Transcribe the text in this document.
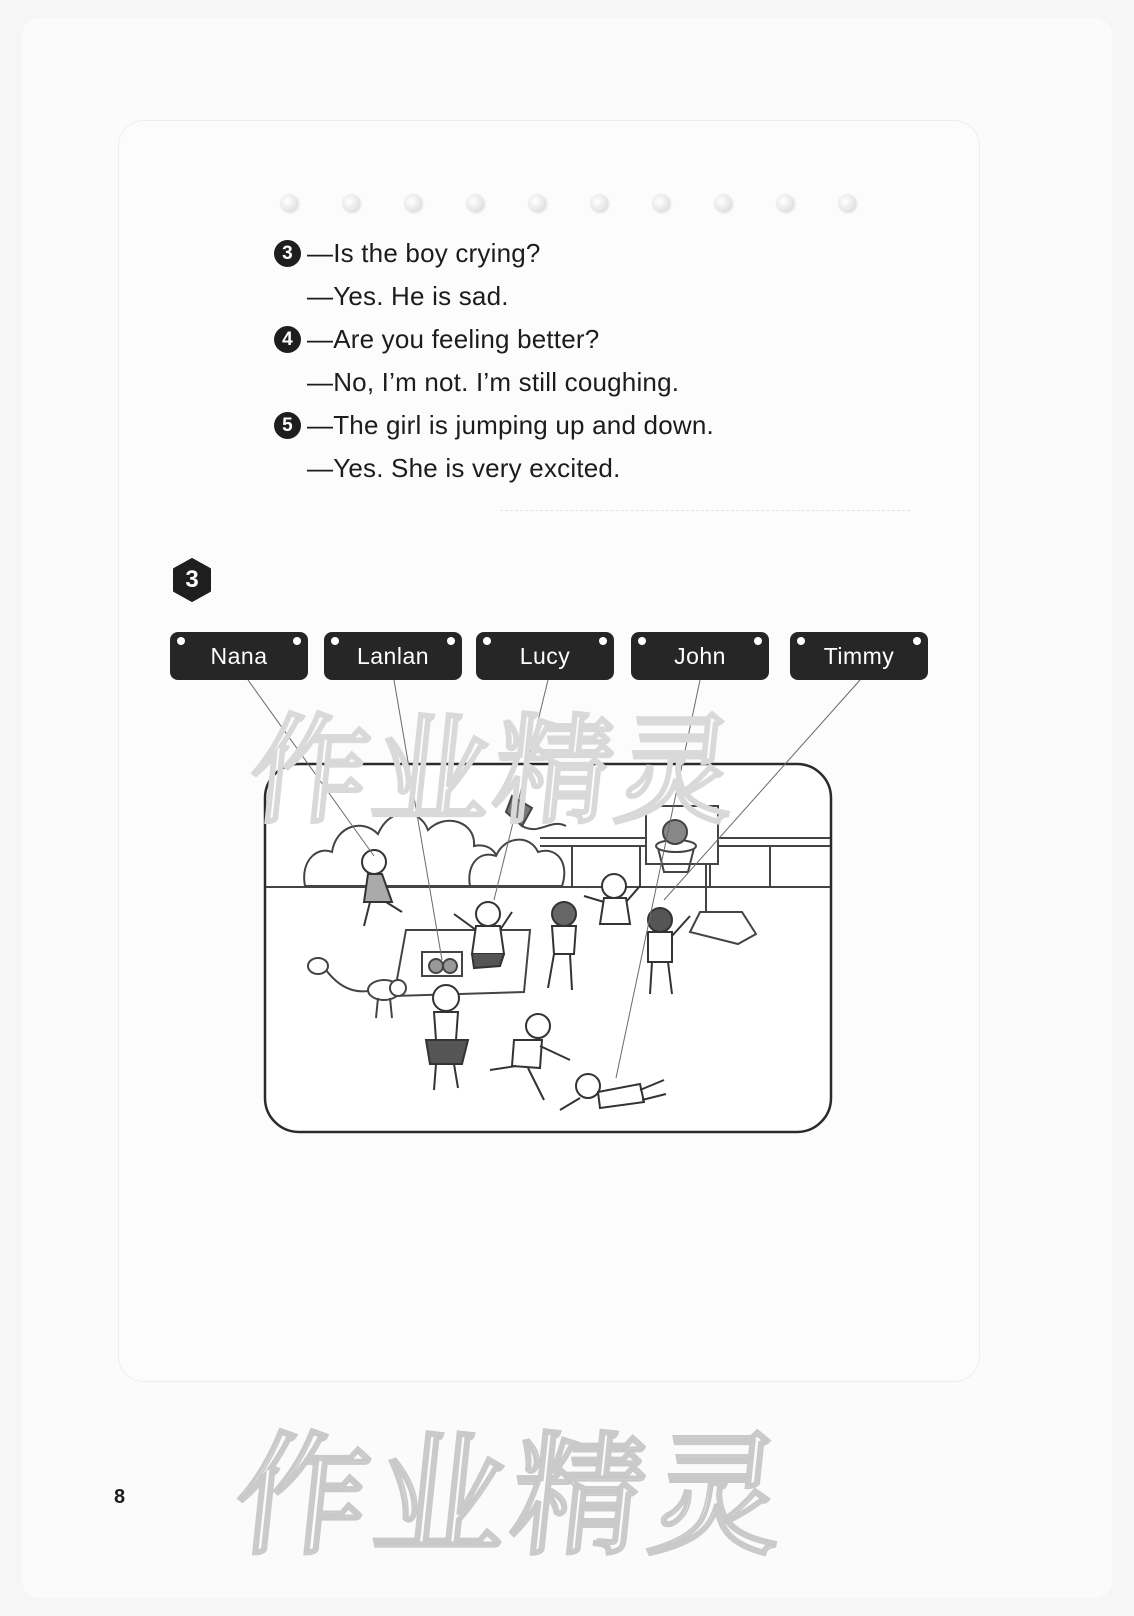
3 —Is the boy crying?
—Yes. He is sad.
4 —Are you feeling better?
—No, I’m not. I’m still coughing.
5 —The girl is jumping up and down.
—Yes. She is very excited.
3
Nana	Lanlan	Lucy	John	Timmy
8
